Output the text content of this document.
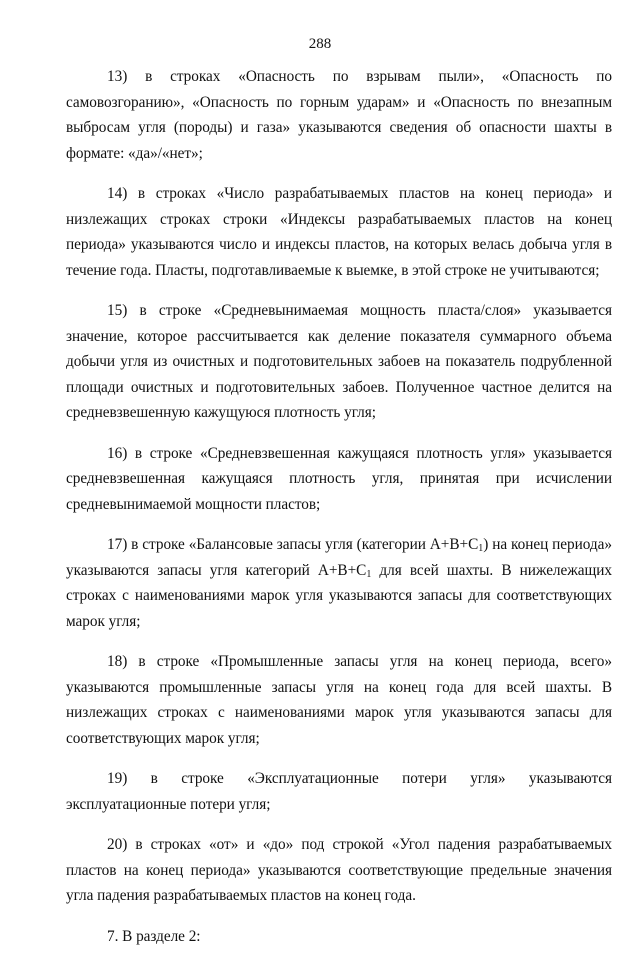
288

13) в строках «Опасность по взрывам пыли», «Опасность по самовозгоранию», «Опасность по горным ударам» и «Опасность по внезапным выбросам угля (породы) и газа» указываются сведения об опасности шахты в формате: «да»/«нет»;

14) в строках «Число разрабатываемых пластов на конец периода» и низлежащих строках строки «Индексы разрабатываемых пластов на конец периода» указываются число и индексы пластов, на которых велась добыча угля в течение года. Пласты, подготавливаемые к выемке, в этой строке не учитываются;

15) в строке «Средневынимаемая мощность пласта/слоя» указывается значение, которое рассчитывается как деление показателя суммарного объема добычи угля из очистных и подготовительных забоев на показатель подрубленной площади очистных и подготовительных забоев. Полученное частное делится на средневзвешенную кажущуюся плотность угля;

16) в строке «Средневзвешенная кажущаяся плотность угля» указывается средневзвешенная кажущаяся плотность угля, принятая при исчислении средневынимаемой мощности пластов;

17) в строке «Балансовые запасы угля (категории $А+В+С_1$) на конец периода» указываются запасы угля категорий $А+В+С_1$ для всей шахты. В нижележащих строках с наименованиями марок угля указываются запасы для соответствующих марок угля;

18) в строке «Промышленные запасы угля на конец периода, всего» указываются промышленные запасы угля на конец года для всей шахты. В низлежащих строках с наименованиями марок угля указываются запасы для соответствующих марок угля;

19) в строке «Эксплуатационные потери угля» указываются эксплуатационные потери угля;

20) в строках «от» и «до» под строкой «Угол падения разрабатываемых пластов на конец периода» указываются соответствующие предельные значения угла падения разрабатываемых пластов на конец года.

7. В разделе 2:
